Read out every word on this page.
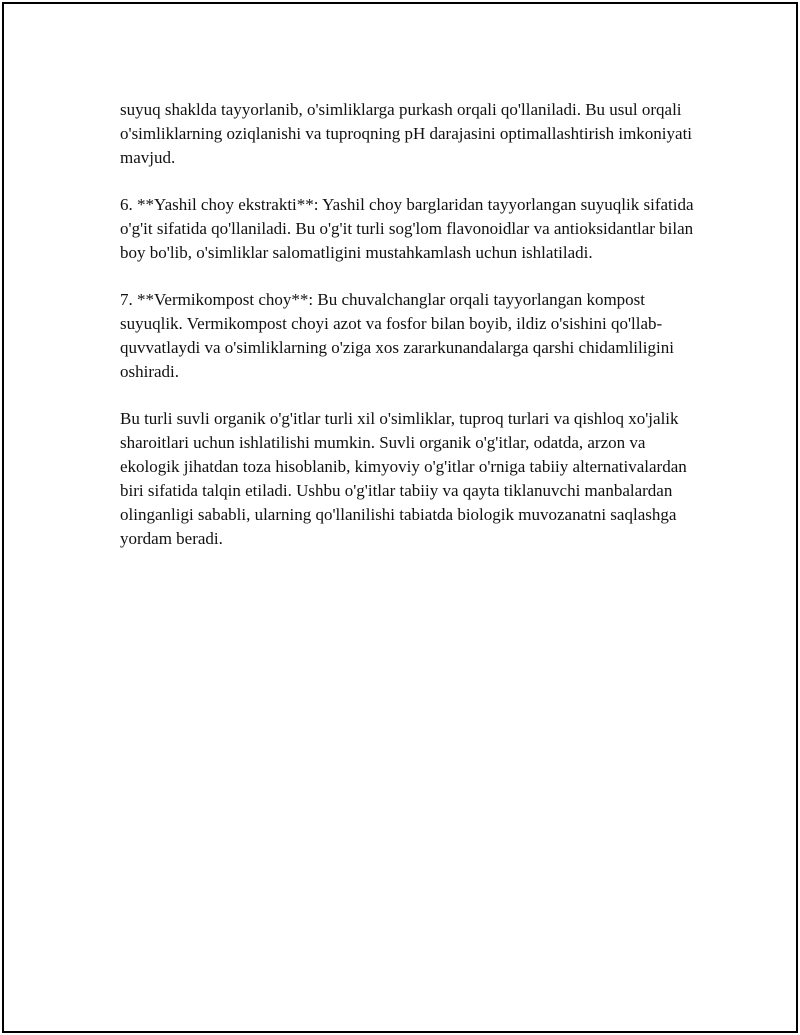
suyuq shaklda tayyorlanib, o'simliklarga purkash orqali qo'llaniladi. Bu usul orqali o'simliklarning oziqlanishi va tuproqning pH darajasini optimallashtirish imkoniyati mavjud.

6. **Yashil choy ekstrakti**: Yashil choy barglaridan tayyorlangan suyuqlik sifatida o'g'it sifatida qo'llaniladi. Bu o'g'it turli sog'lom flavonoidlar va antioksidantlar bilan boy bo'lib, o'simliklar salomatligini mustahkamlash uchun ishlatiladi.

7. **Vermikompost choy**: Bu chuvalchanglar orqali tayyorlangan kompost suyuqlik. Vermikompost choyi azot va fosfor bilan boyib, ildiz o'sishini qo'llab-quvvatlaydi va o'simliklarning o'ziga xos zararkunandalarga qarshi chidamliligini oshiradi.

Bu turli suvli organik o'g'itlar turli xil o'simliklar, tuproq turlari va qishloq xo'jalik sharoitlari uchun ishlatilishi mumkin. Suvli organik o'g'itlar, odatda, arzon va ekologik jihatdan toza hisoblanib, kimyoviy o'g'itlar o'rniga tabiiy alternativalardan biri sifatida talqin etiladi. Ushbu o'g'itlar tabiiy va qayta tiklanuvchi manbalardan olinganligi sababli, ularning qo'llanilishi tabiatda biologik muvozanatni saqlashga yordam beradi.
